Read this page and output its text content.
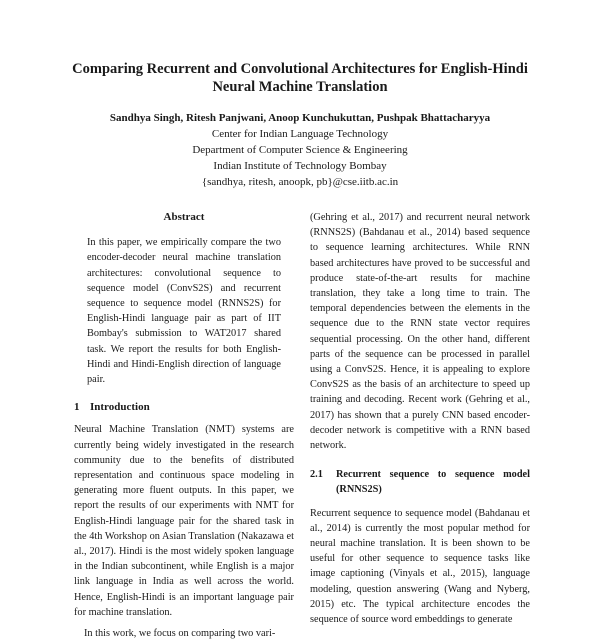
Comparing Recurrent and Convolutional Architectures for English-Hindi
Neural Machine Translation
Sandhya Singh, Ritesh Panjwani, Anoop Kunchukuttan, Pushpak Bhattacharyya
Center for Indian Language Technology
Department of Computer Science & Engineering
Indian Institute of Technology Bombay
{sandhya, ritesh, anoopk, pb}@cse.iitb.ac.in
Abstract
In this paper, we empirically compare the two encoder-decoder neural machine translation architectures: convolutional sequence to sequence model (ConvS2S) and recurrent sequence to sequence model (RNNS2S) for English-Hindi language pair as part of IIT Bombay's submission to WAT2017 shared task. We report the results for both English-Hindi and Hindi-English direction of language pair.
1 Introduction

Neural Machine Translation (NMT) systems are currently being widely investigated in the research community due to the benefits of distributed representation and continuous space modeling in generating more fluent outputs. In this paper, we report the results of our experiments with NMT for English-Hindi language pair for the shared task in the 4th Workshop on Asian Translation (Nakazawa et al., 2017). Hindi is the most widely spoken language in the Indian subcontinent, while English is a major link language in India as well across the world. Hence, English-Hindi is an important language pair for machine translation.

In this work, we focus on comparing two vari-

(Gehring et al., 2017) and recurrent neural network (RNNS2S) (Bahdanau et al., 2014) based sequence to sequence learning architectures. While RNN based architectures have proved to be successful and produce state-of-the-art results for machine translation, they take a long time to train. The temporal dependencies between the elements in the sequence due to the RNN state vector requires sequential processing. On the other hand, different parts of the sequence can be processed in parallel using a ConvS2S. Hence, it is appealing to explore ConvS2S as the basis of an architecture to speed up training and decoding. Recent work (Gehring et al., 2017) has shown that a purely CNN based encoder-decoder network is competitive with a RNN based network.

2.1	Recurrent sequence to sequence model (RNNS2S)

Recurrent sequence to sequence model (Bahdanau et al., 2014) is currently the most popular method for neural machine translation. It is been shown to be useful for other sequence to sequence tasks like image captioning (Vinyals et al., 2015), language modeling, question answering (Wang and Nyberg, 2015) etc. The typical architecture encodes the sequence of source word embeddings to generate
